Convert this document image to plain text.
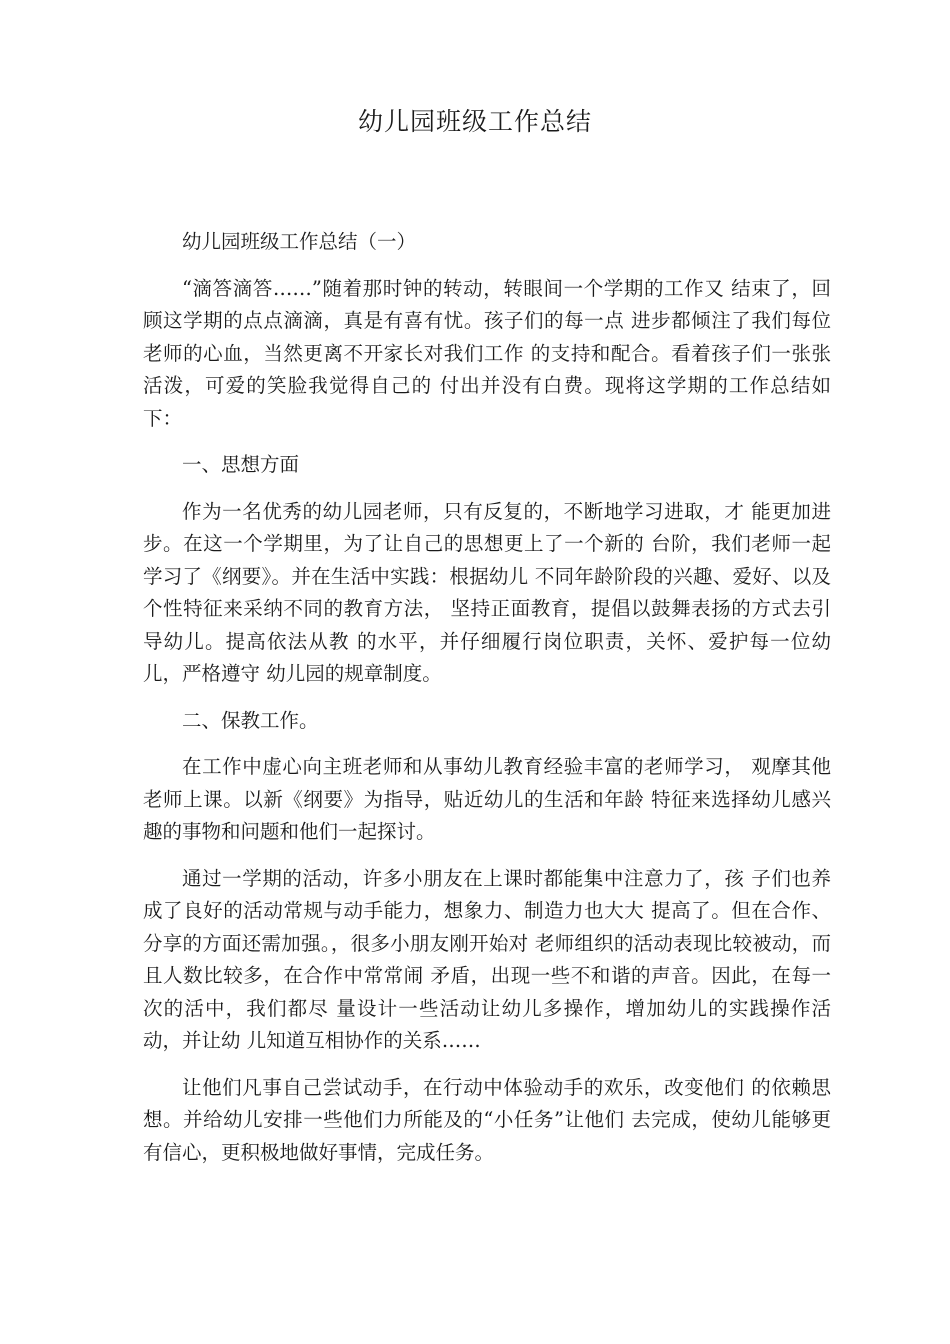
幼儿园班级工作总结

幼儿园班级工作总结（一）

“滴答滴答……”随着那时钟的转动，转眼间一个学期的工作又 结束了，回顾这学期的点点滴滴，真是有喜有忧。孩子们的每一点 进步都倾注了我们每位老师的心血，当然更离不开家长对我们工作 的支持和配合。看着孩子们一张张活泼，可爱的笑脸我觉得自己的 付出并没有白费。现将这学期的工作总结如下：

一、思想方面

作为一名优秀的幼儿园老师，只有反复的，不断地学习进取，才 能更加进步。在这一个学期里，为了让自己的思想更上了一个新的 台阶，我们老师一起学习了《纲要》。并在生活中实践：根据幼儿 不同年龄阶段的兴趣、爱好、以及个性特征来采纳不同的教育方法， 坚持正面教育，提倡以鼓舞表扬的方式去引导幼儿。提高依法从教 的水平，并仔细履行岗位职责，关怀、爱护每一位幼儿，严格遵守 幼儿园的规章制度。

二、保教工作。

在工作中虚心向主班老师和从事幼儿教育经验丰富的老师学习， 观摩其他老师上课。以新《纲要》为指导，贴近幼儿的生活和年龄 特征来选择幼儿感兴趣的事物和问题和他们一起探讨。

通过一学期的活动，许多小朋友在上课时都能集中注意力了，孩 子们也养成了良好的活动常规与动手能力，想象力、制造力也大大 提高了。但在合作、分享的方面还需加强。，很多小朋友刚开始对 老师组织的活动表现比较被动，而且人数比较多，在合作中常常闹 矛盾，出现一些不和谐的声音。因此，在每一次的活中，我们都尽 量设计一些活动让幼儿多操作，增加幼儿的实践操作活动，并让幼 儿知道互相协作的关系……

让他们凡事自己尝试动手，在行动中体验动手的欢乐，改变他们 的依赖思想。并给幼儿安排一些他们力所能及的“小任务”让他们 去完成，使幼儿能够更有信心，更积极地做好事情，完成任务。
